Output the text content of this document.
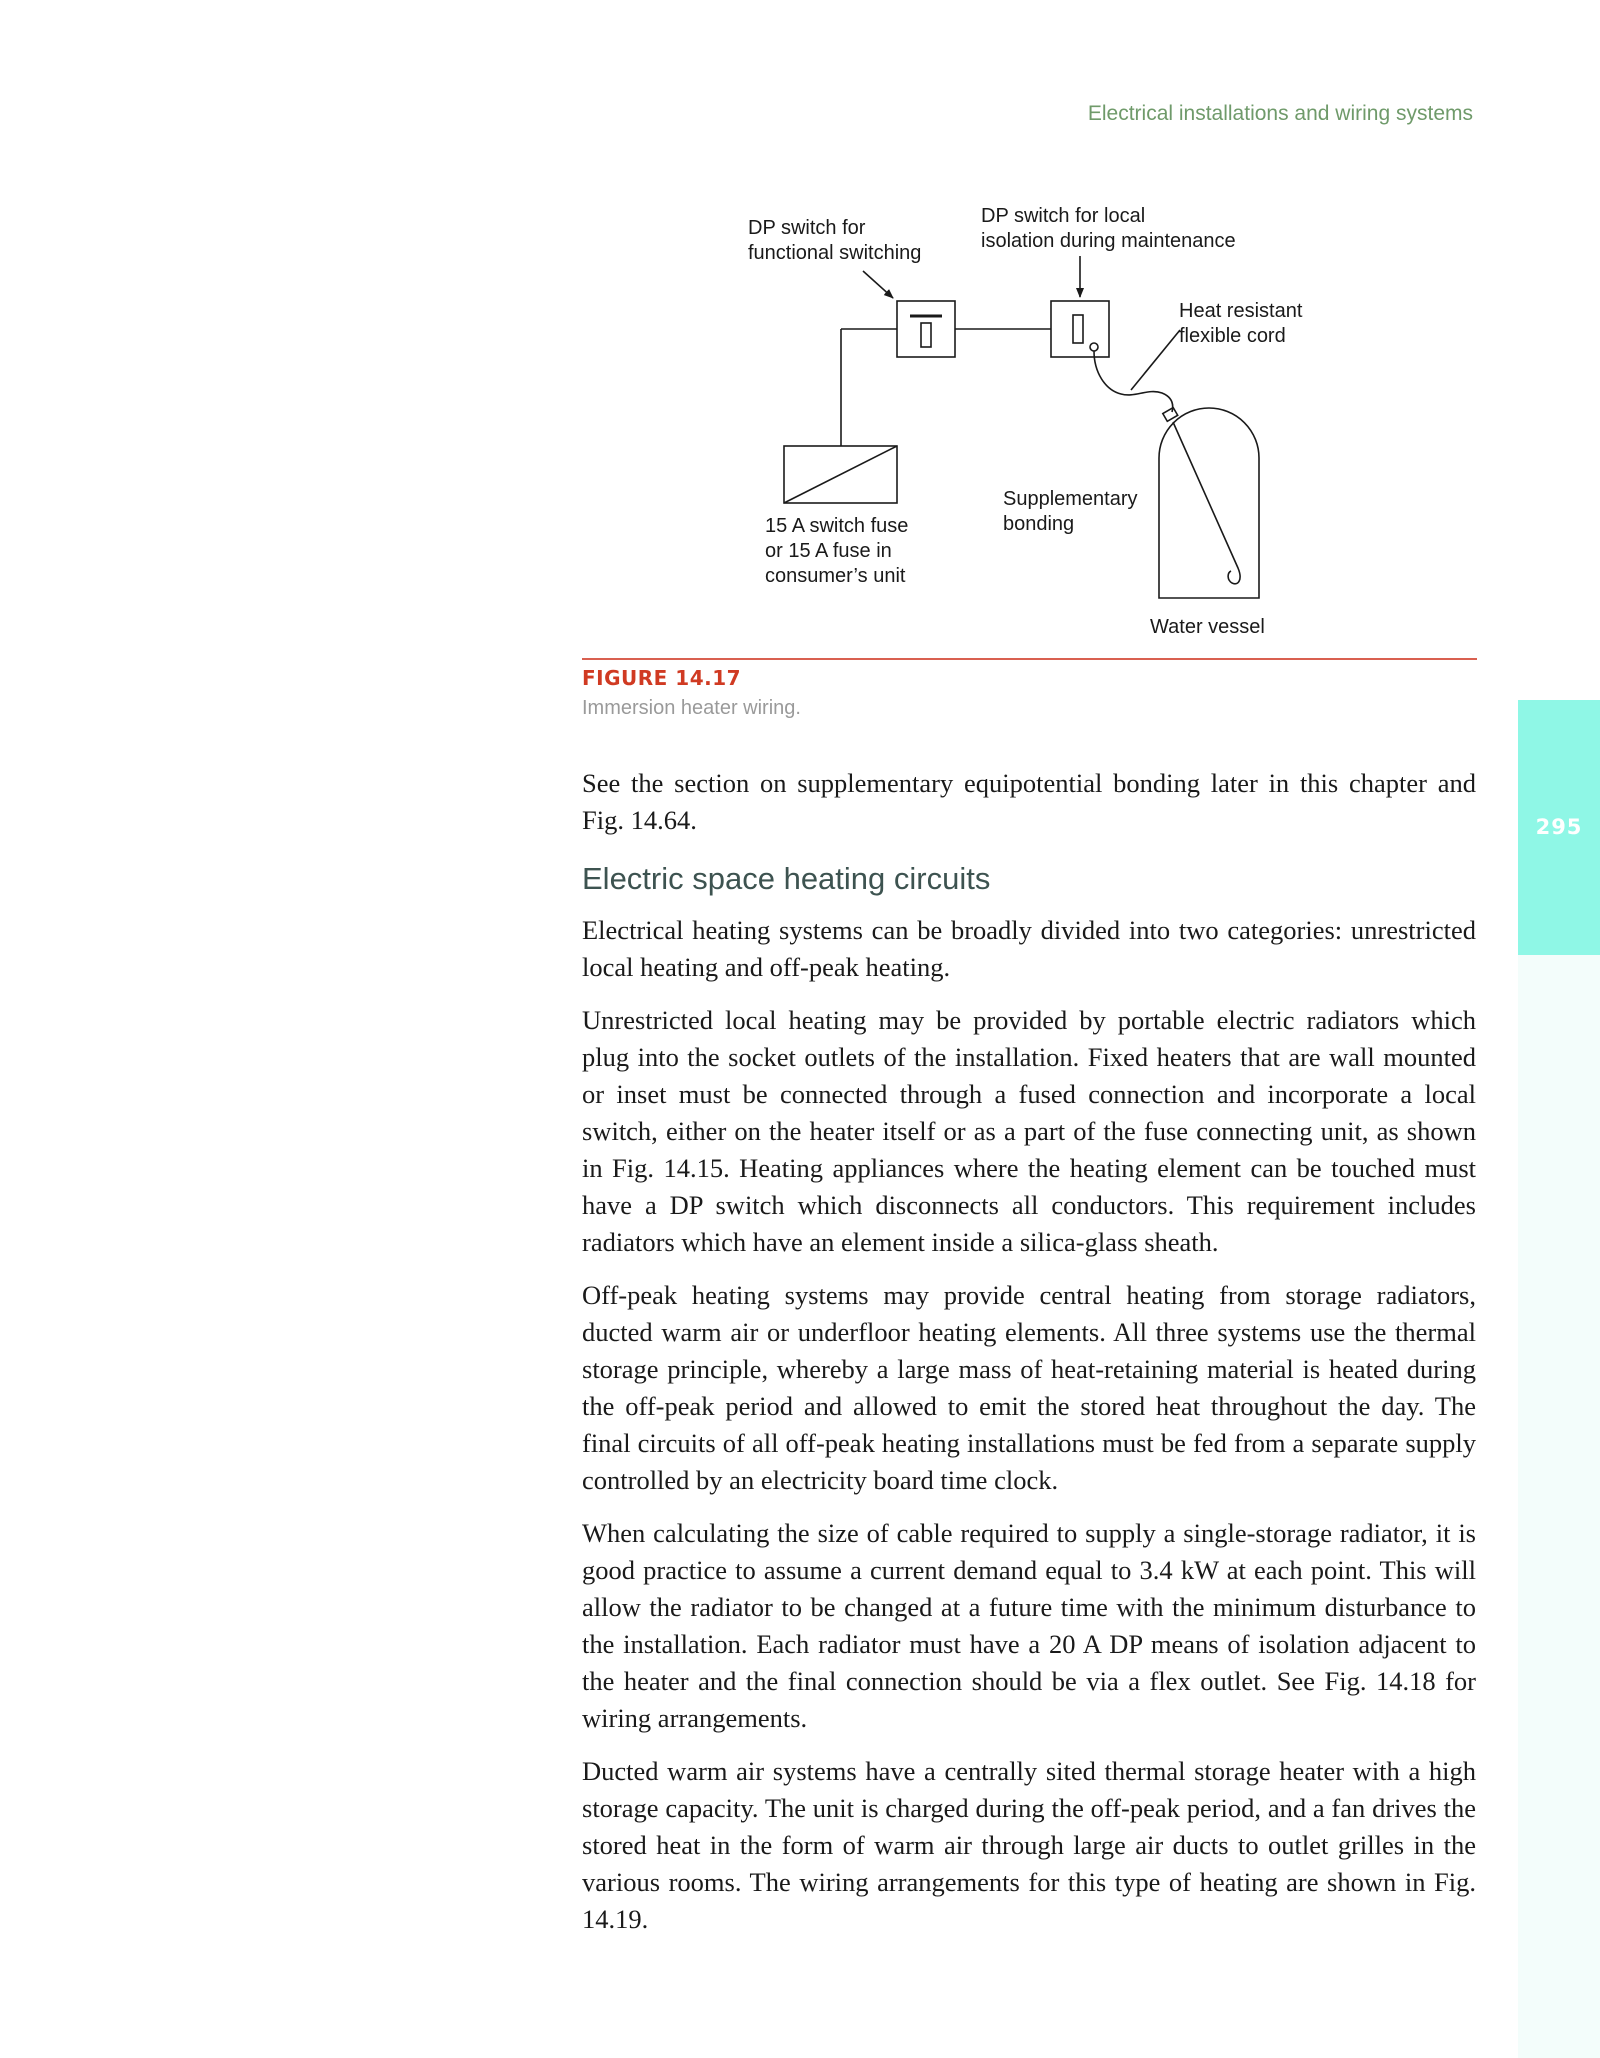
295
Electrical installations and wiring systems
DP switch for
functional switching
DP switch for local
isolation during maintenance
Heat resistant
flexible cord
Supplementary
bonding
15 A switch fuse
or 15 A fuse in
consumer’s unit
Water vessel
FIGURE 14.17
Immersion heater wiring.

See the section on supplementary equipotential bonding later in this chapter and Fig. 14.64.

Electric space heating circuits

Electrical heating systems can be broadly divided into two categories: unrestricted local heating and off-peak heating.

Unrestricted local heating may be provided by portable electric radiators which plug into the socket outlets of the installation. Fixed heaters that are wall mounted or inset must be connected through a fused connection and incorporate a local switch, either on the heater itself or as a part of the fuse connecting unit, as shown in Fig. 14.15. Heating appliances where the heating element can be touched must have a DP switch which disconnects all conductors. This requirement includes radiators which have an element inside a silica-glass sheath.

Off-peak heating systems may provide central heating from storage radiators, ducted warm air or underfloor heating elements. All three systems use the thermal storage principle, whereby a large mass of heat-retaining material is heated during the off-peak period and allowed to emit the stored heat throughout the day. The final circuits of all off-peak heating installations must be fed from a separate supply controlled by an electricity board time clock.

When calculating the size of cable required to supply a single-storage radiator, it is good practice to assume a current demand equal to 3.4 kW at each point. This will allow the radiator to be changed at a future time with the minimum disturbance to the installation. Each radiator must have a 20 A DP means of isolation adjacent to the heater and the final connection should be via a flex outlet. See Fig. 14.18 for wiring arrangements.

Ducted warm air systems have a centrally sited thermal storage heater with a high storage capacity. The unit is charged during the off-peak period, and a fan drives the stored heat in the form of warm air through large air ducts to outlet grilles in the various rooms. The wiring arrangements for this type of heating are shown in Fig. 14.19.
